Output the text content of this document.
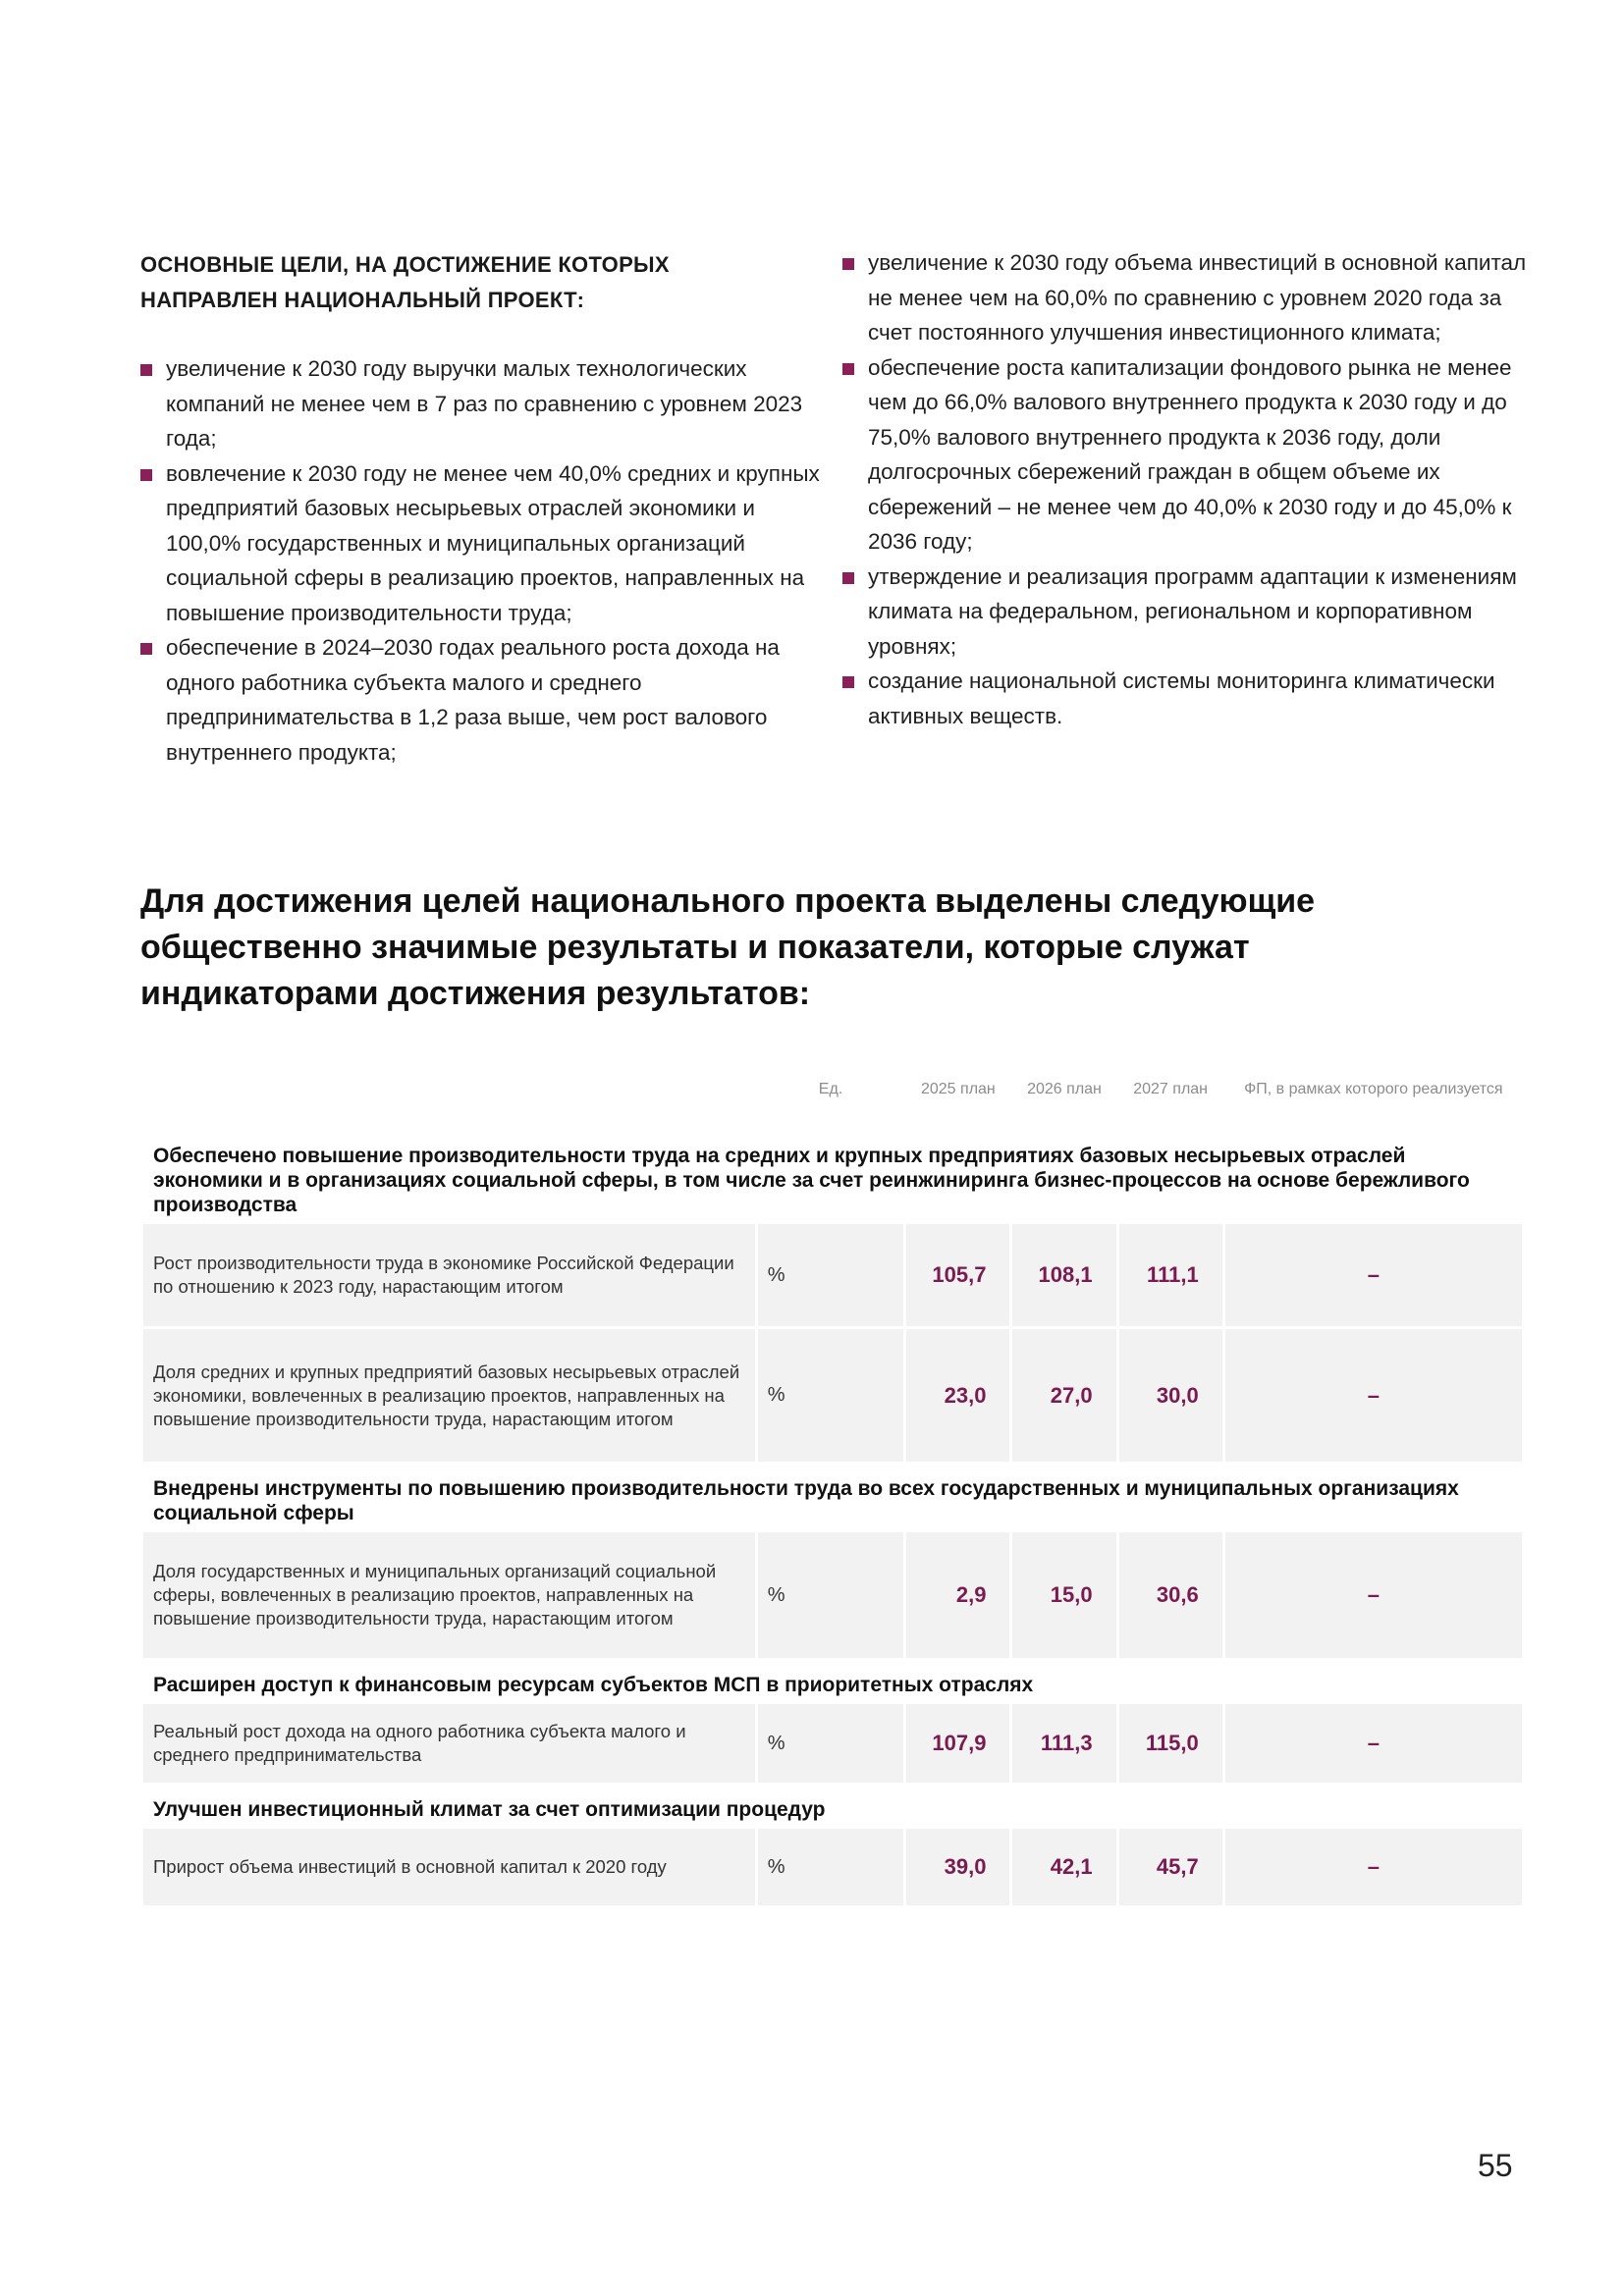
ОСНОВНЫЕ ЦЕЛИ, НА ДОСТИЖЕНИЕ КОТОРЫХ НАПРАВЛЕН НАЦИОНАЛЬНЫЙ ПРОЕКТ:
увеличение к 2030 году выручки малых технологических компаний не менее чем в 7 раз по сравнению с уровнем 2023 года;
вовлечение к 2030 году не менее чем 40,0% средних и крупных предприятий базовых несырьевых отраслей экономики и 100,0% государственных и муниципальных организаций социальной сферы в реализацию проектов, направленных на повышение производительности труда;
обеспечение в 2024–2030 годах реального роста дохода на одного работника субъекта малого и среднего предпринимательства в 1,2 раза выше, чем рост валового внутреннего продукта;
увеличение к 2030 году объема инвестиций в основной капитал не менее чем на 60,0% по сравнению с уровнем 2020 года за счет постоянного улучшения инвестиционного климата;
обеспечение роста капитализации фондового рынка не менее чем до 66,0% валового внутреннего продукта к 2030 году и до 75,0% валового внутреннего продукта к 2036 году, доли долгосрочных сбережений граждан в общем объеме их сбережений – не менее чем до 40,0% к 2030 году и до 45,0% к 2036 году;
утверждение и реализация программ адаптации к изменениям климата на федеральном, региональном и корпоративном уровнях;
создание национальной системы мониторинга климатически активных веществ.
Для достижения целей национального проекта выделены следующие общественно значимые результаты и показатели, которые служат индикаторами достижения результатов:
	Ед.	2025 план	2026 план	2027 план	ФП, в рамках которого реализуется
Обеспечено повышение производительности труда на средних и крупных предприятиях базовых несырьевых отраслей экономики и в организациях социальной сферы, в том числе за счет реинжиниринга бизнес-процессов на основе бережливого производства					
Рост производительности труда в экономике Российской Федерации по отношению к 2023 году, нарастающим итогом	%	105,7	108,1	111,1	–
Доля средних и крупных предприятий базовых несырьевых отраслей экономики, вовлеченных в реализацию проектов, направленных на повышение производительности труда, нарастающим итогом	%	23,0	27,0	30,0	–
Внедрены инструменты по повышению производительности труда во всех государственных и муниципальных организациях социальной сферы					
Доля государственных и муниципальных организаций социальной сферы, вовлеченных в реализацию проектов, направленных на повышение производительности труда, нарастающим итогом	%	2,9	15,0	30,6	–
Расширен доступ к финансовым ресурсам субъектов МСП в приоритетных отраслях					
Реальный рост дохода на одного работника субъекта малого и среднего предпринимательства	%	107,9	111,3	115,0	–
Улучшен инвестиционный климат за счет оптимизации процедур					
Прирост объема инвестиций в основной капитал к 2020 году	%	39,0	42,1	45,7	–
55
